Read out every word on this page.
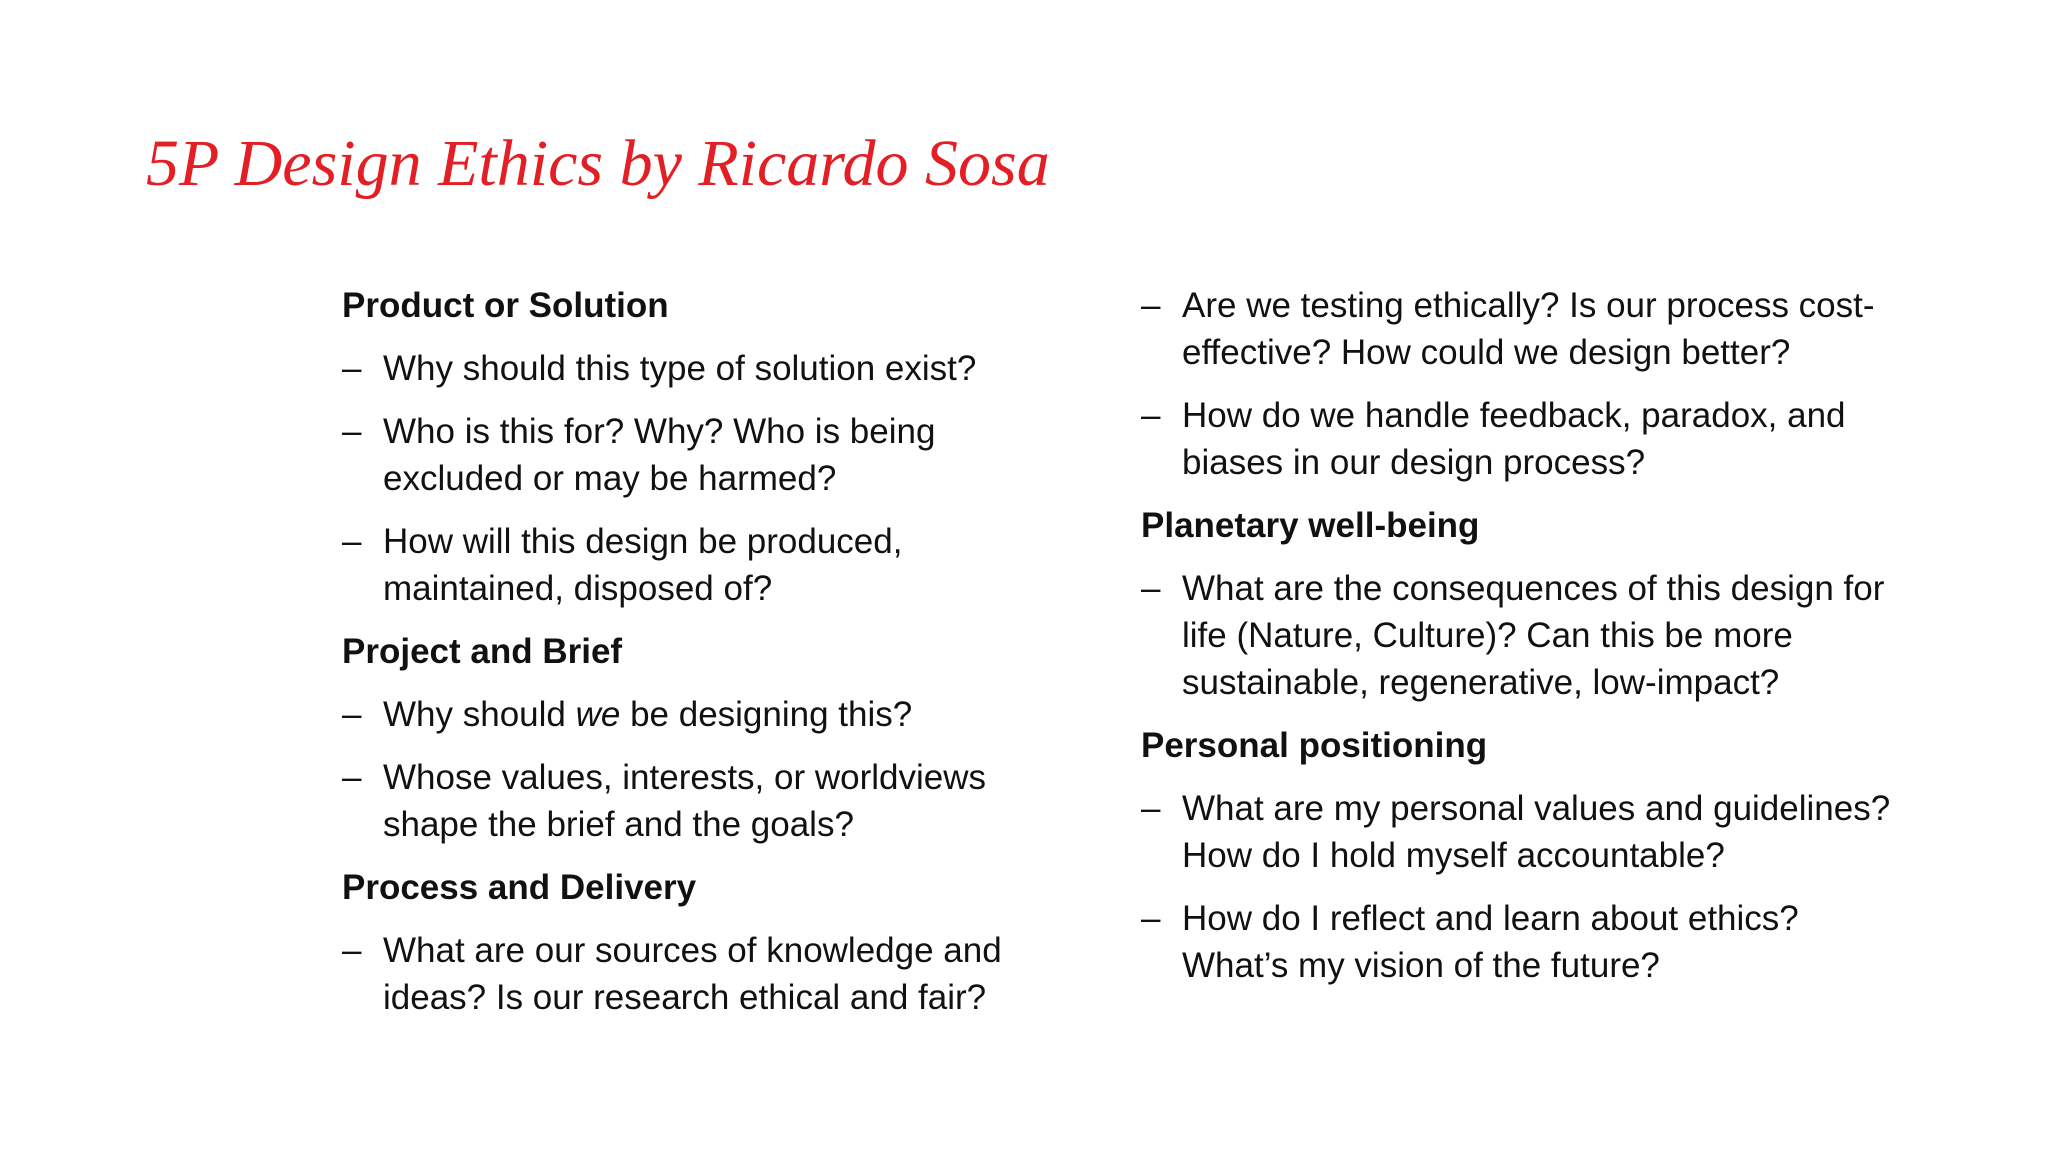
5P Design Ethics by Ricardo Sosa
Product or Solution
– Why should this type of solution exist?
– Who is this for? Why? Who is being excluded or may be harmed?
– How will this design be produced, maintained, disposed of?
Project and Brief
– Why should we be designing this?
– Whose values, interests, or worldviews shape the brief and the goals?
Process and Delivery
– What are our sources of knowledge and ideas? Is our research ethical and fair?
– Are we testing ethically? Is our process cost-effective? How could we design better?
– How do we handle feedback, paradox, and biases in our design process?
Planetary well-being
– What are the consequences of this design for life (Nature, Culture)? Can this be more sustainable, regenerative, low-impact?
Personal positioning
– What are my personal values and guidelines? How do I hold myself accountable?
– How do I reflect and learn about ethics? What’s my vision of the future?
